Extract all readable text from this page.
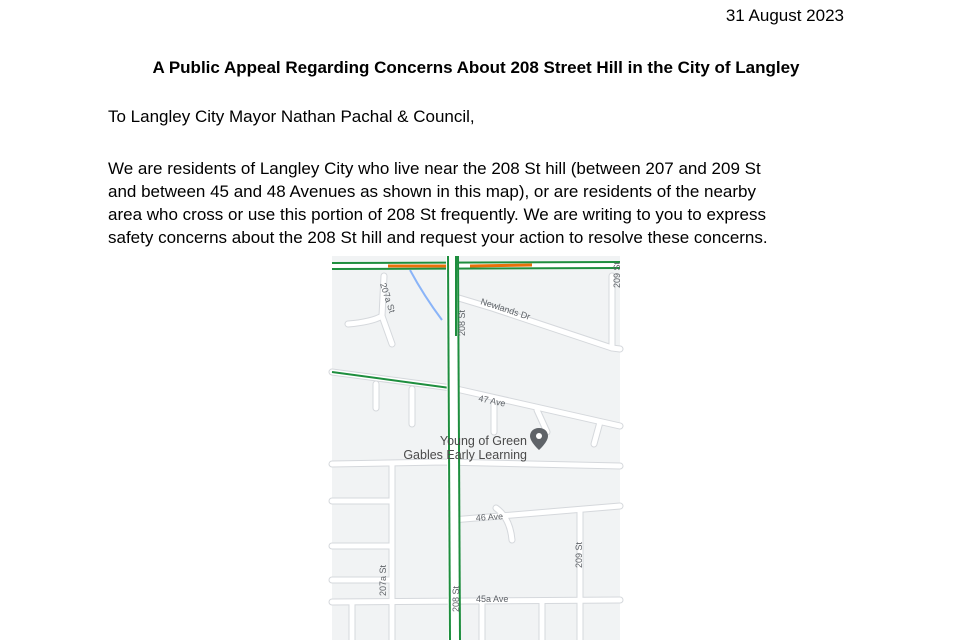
31 August 2023
A Public Appeal Regarding Concerns About 208 Street Hill in the City of Langley
To Langley City Mayor Nathan Pachal & Council,
We are residents of Langley City who live near the 208 St hill (between 207 and 209 St
and between 45 and 48 Avenues as shown in this map), or are residents of the nearby
area who cross or use this portion of 208 St frequently. We are writing to you to express
safety concerns about the 208 St hill and request your action to resolve these concerns.
208 St
208 St
207a St
207a St
209 St
209 St
Newlands Dr
47 Ave
46 Ave
45a Ave
Young of Green
Gables Early Learning
